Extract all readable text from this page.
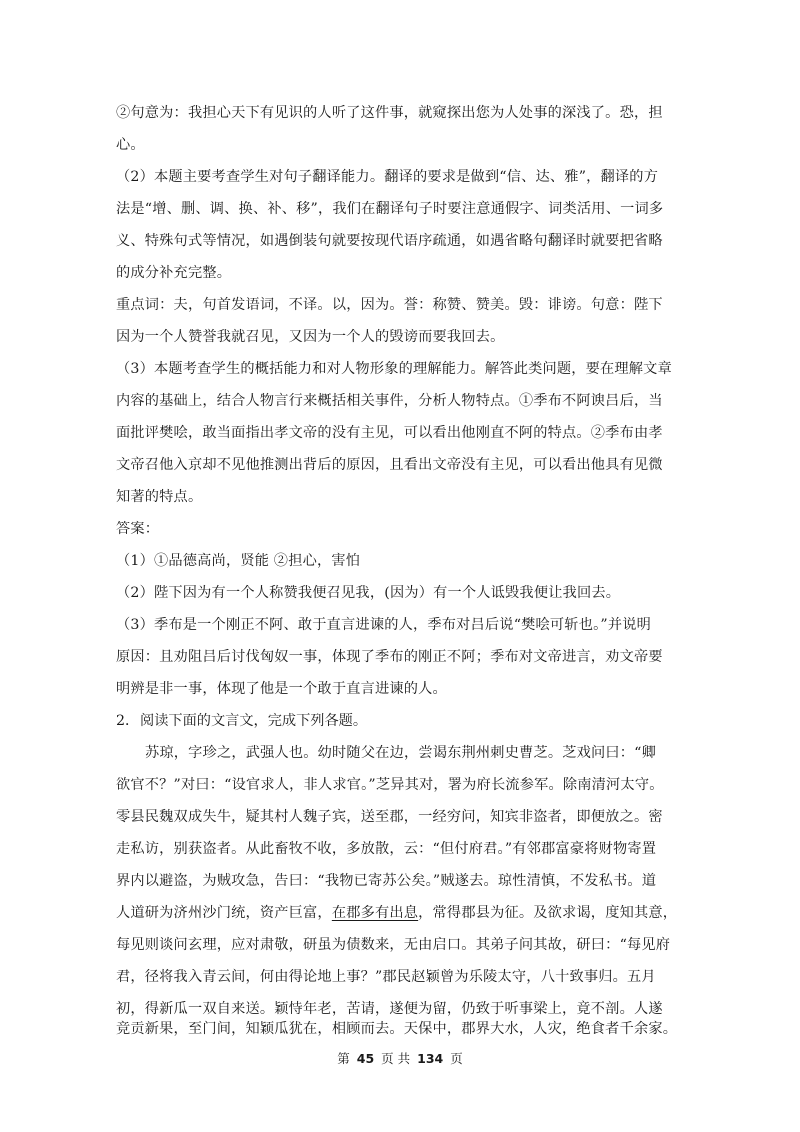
②句意为：我担心天下有见识的人听了这件事，就窥探出您为人处事的深浅了。恐，担
心。
（2）本题主要考查学生对句子翻译能力。翻译的要求是做到“信、达、雅”，翻译的方
法是“增、删、调、换、补、移”，我们在翻译句子时要注意通假字、词类活用、一词多
义、特殊句式等情况，如遇倒装句就要按现代语序疏通，如遇省略句翻译时就要把省略
的成分补充完整。
重点词：夫，句首发语词，不译。以，因为。誉：称赞、赞美。毁：诽谤。句意：陛下
因为一个人赞誉我就召见，又因为一个人的毁谤而要我回去。
（3）本题考查学生的概括能力和对人物形象的理解能力。解答此类问题，要在理解文章
内容的基础上，结合人物言行来概括相关事件，分析人物特点。①季布不阿谀吕后，当
面批评樊哙，敢当面指出孝文帝的没有主见，可以看出他刚直不阿的特点。②季布由孝
文帝召他入京却不见他推测出背后的原因，且看出文帝没有主见，可以看出他具有见微
知著的特点。
答案：
（1）①品德高尚，贤能 ②担心，害怕
（2）陛下因为有一个人称赞我便召见我，(因为）有一个人诋毁我便让我回去。
（3）季布是一个刚正不阿、敢于直言进谏的人，季布对吕后说“樊哙可斩也。”并说明
原因：且劝阻吕后讨伐匈奴一事，体现了季布的刚正不阿；季布对文帝进言，劝文帝要
明辨是非一事，体现了他是一个敢于直言进谏的人。
2． 阅读下面的文言文，完成下列各题。
苏琼，字珍之，武强人也。幼时随父在边，尝谒东荆州刺史曹芝。芝戏问曰：“卿
欲官不？”对曰：“设官求人，非人求官。”芝异其对，署为府长流参军。除南清河太守。
零县民魏双成失牛，疑其村人魏子宾，送至郡，一经穷问，知宾非盗者，即便放之。密
走私访，别获盗者。从此畜牧不收，多放散，云：“但付府君。”有邻郡富豪将财物寄置
界内以避盗，为贼攻急，告曰：“我物已寄苏公矣。”贼遂去。琼性清慎，不发私书。道
人道研为济州沙门统，资产巨富，在郡多有出息，常得郡县为征。及欲求谒，度知其意，
每见则谈问玄理，应对肃敬，研虽为债数来，无由启口。其弟子问其故，研曰：“每见府
君，径将我入青云间，何由得论地上事？”郡民赵颖曾为乐陵太守，八十致事归。五月
初，得新瓜一双自来送。颖恃年老，苦请，遂便为留，仍致于听事梁上，竟不剖。人遂
竞贡新果，至门间，知颖瓜犹在，相顾而去。天保中，郡界大水，人灾，绝食者千余家。
第 45 页 共 134 页
